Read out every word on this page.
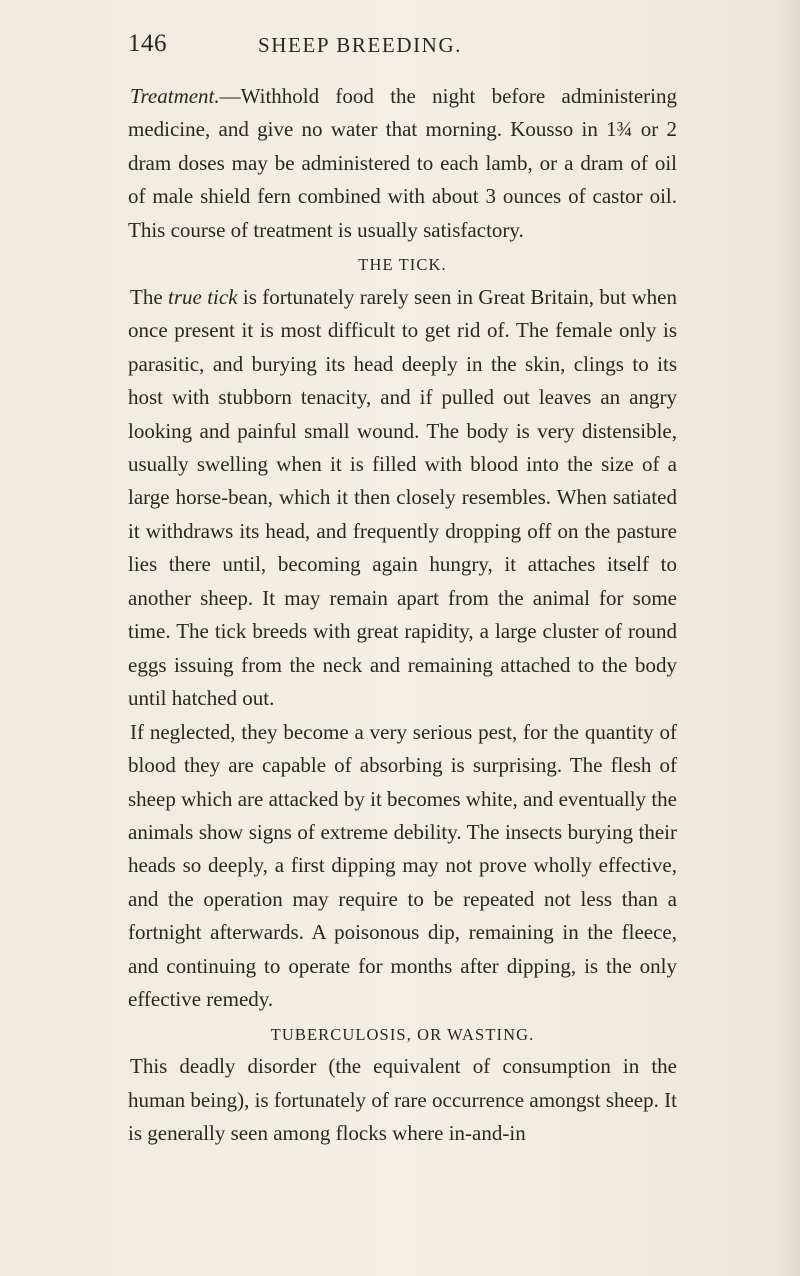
146	SHEEP BREEDING.

Treatment.—Withhold food the night before administering medicine, and give no water that morning. Kousso in 1¾ or 2 dram doses may be administered to each lamb, or a dram of oil of male shield fern combined with about 3 ounces of castor oil. This course of treatment is usually satisfactory.

THE TICK.

The true tick is fortunately rarely seen in Great Britain, but when once present it is most difficult to get rid of. The female only is parasitic, and burying its head deeply in the skin, clings to its host with stubborn tenacity, and if pulled out leaves an angry looking and painful small wound. The body is very distensible, usually swelling when it is filled with blood into the size of a large horse-bean, which it then closely resembles. When satiated it withdraws its head, and frequently dropping off on the pasture lies there until, becoming again hungry, it attaches itself to another sheep. It may remain apart from the animal for some time. The tick breeds with great rapidity, a large cluster of round eggs issuing from the neck and remaining attached to the body until hatched out.

If neglected, they become a very serious pest, for the quantity of blood they are capable of absorbing is surprising. The flesh of sheep which are attacked by it becomes white, and eventually the animals show signs of extreme debility. The insects burying their heads so deeply, a first dipping may not prove wholly effective, and the operation may require to be repeated not less than a fortnight afterwards. A poisonous dip, remaining in the fleece, and continuing to operate for months after dipping, is the only effective remedy.

TUBERCULOSIS, OR WASTING.

This deadly disorder (the equivalent of consumption in the human being), is fortunately of rare occurrence amongst sheep. It is generally seen among flocks where in-and-in
